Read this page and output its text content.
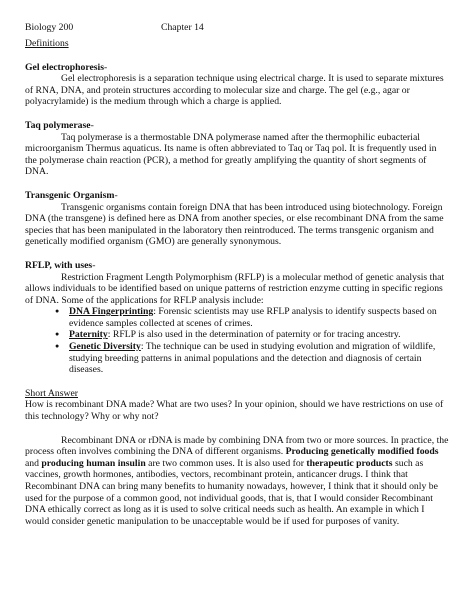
Biology 200	Chapter 14
Definitions
Gel electrophoresis-

Gel electrophoresis is a separation technique using electrical charge. It is used to separate mixtures of RNA, DNA, and protein structures according to molecular size and charge. The gel (e.g., agar or polyacrylamide) is the medium through which a charge is applied.

Taq polymerase-

Taq polymerase is a thermostable DNA polymerase named after the thermophilic eubacterial microorganism Thermus aquaticus. Its name is often abbreviated to Taq or Taq pol. It is frequently used in the polymerase chain reaction (PCR), a method for greatly amplifying the quantity of short segments of DNA.

Transgenic Organism-

Transgenic organisms contain foreign DNA that has been introduced using biotechnology. Foreign DNA (the transgene) is defined here as DNA from another species, or else recombinant DNA from the same species that has been manipulated in the laboratory then reintroduced. The terms transgenic organism and genetically modified organism (GMO) are generally synonymous.

RFLP, with uses-

Restriction Fragment Length Polymorphism (RFLP) is a molecular method of genetic analysis that allows individuals to be identified based on unique patterns of restriction enzyme cutting in specific regions of DNA. Some of the applications for RFLP analysis include:

● DNA Fingerprinting: Forensic scientists may use RFLP analysis to identify suspects based on evidence samples collected at scenes of crimes.
● Paternity: RFLP is also used in the determination of paternity or for tracing ancestry.
● Genetic Diversity: The technique can be used in studying evolution and migration of wildlife, studying breeding patterns in animal populations and the detection and diagnosis of certain diseases.
Short Answer

How is recombinant DNA made? What are two uses? In your opinion, should we have restrictions on use of this technology? Why or why not?

Recombinant DNA or rDNA is made by combining DNA from two or more sources. In practice, the process often involves combining the DNA of different organisms. Producing genetically modified foods and producing human insulin are two common uses. It is also used for therapeutic products such as vaccines, growth hormones, antibodies, vectors, recombinant protein, anticancer drugs. I think that Recombinant DNA can bring many benefits to humanity nowadays, however, I think that it should only be used for the purpose of a common good, not individual goods, that is, that I would consider Recombinant DNA ethically correct as long as it is used to solve critical needs such as health. An example in which I would consider genetic manipulation to be unacceptable would be if used for purposes of vanity.
